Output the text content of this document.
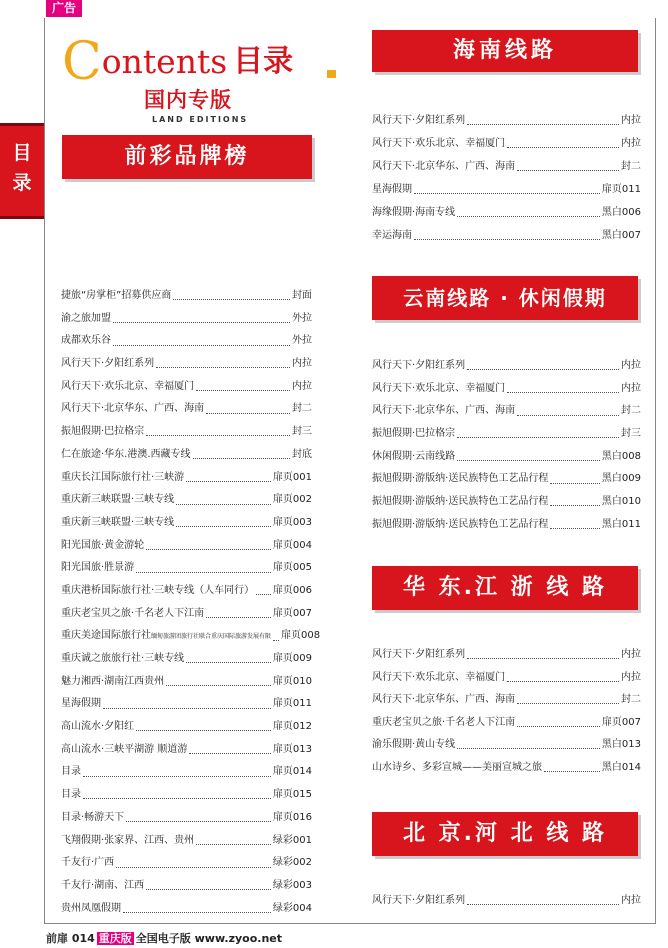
广告
目
录
Contents 目录
国内专版
LAND EDITIONS
前彩品牌榜
捷旅“房掌柜”招募供应商	封面
渝之旅加盟	外拉
成都欢乐谷	外拉
风行天下·夕阳红系列	内拉
风行天下·欢乐北京、幸福厦门	内拉
风行天下·北京华东、广西、海南	封二
振旭假期·巴拉格宗	封三
仁在旅途·华东.港澳.西藏专线	封底
重庆长江国际旅行社·三峡游	扉页001
重庆新三峡联盟·三峡专线	扉页002
重庆新三峡联盟·三峡专线	扉页003
阳光国旅·黄金游轮	扉页004
阳光国旅·胜景游	扉页005
重庆港桥国际旅行社·三峡专线（人车同行） 扉页006
重庆老宝贝之旅·千名老人下江南	扉页007
重庆美途国际旅行社 缅甸旅游团旅行社联合重庆国际旅游发展有限 扉页008
重庆诚之旅旅行社·三峡专线	扉页009
魅力湘西·湖南江西贵州	扉页010
星海假期	扉页011
高山流水·夕阳红	扉页012
高山流水·三峡平湖游 顺道游	扉页013
目录	扉页014
目录	扉页015
目录·畅游天下	扉页016
飞翔假期·张家界、江西、贵州	绿彩001
千友行·广西	绿彩002
千友行·湖南、江西	绿彩003
贵州凤凰假期	绿彩004
海南线路
风行天下·夕阳红系列	内拉
风行天下·欢乐北京、幸福厦门	内拉
风行天下·北京华东、广西、海南	封二
星海假期	扉页011
海缘假期·海南专线	黑白006
幸运海南	黑白007
云南线路 · 休闲假期
风行天下·夕阳红系列	内拉
风行天下·欢乐北京、幸福厦门	内拉
风行天下·北京华东、广西、海南	封二
振旭假期·巴拉格宗	封三
休闲假期·云南线路	黑白008
振旭假期·游版纳·送民族特色工艺品行程	黑白009
振旭假期·游版纳·送民族特色工艺品行程	黑白010
振旭假期·游版纳·送民族特色工艺品行程	黑白011
华 东.江 浙 线 路
风行天下·夕阳红系列	内拉
风行天下·欢乐北京、幸福厦门	内拉
风行天下·北京华东、广西、海南	封二
重庆老宝贝之旅·千名老人下江南	扉页007
渝乐假期·黄山专线	黑白013
山水诗乡、多彩宣城——美丽宣城之旅	黑白014
北 京.河 北 线 路
风行天下·夕阳红系列	内拉
前扉 014 重庆版 全国电子版 www.zyoo.net
